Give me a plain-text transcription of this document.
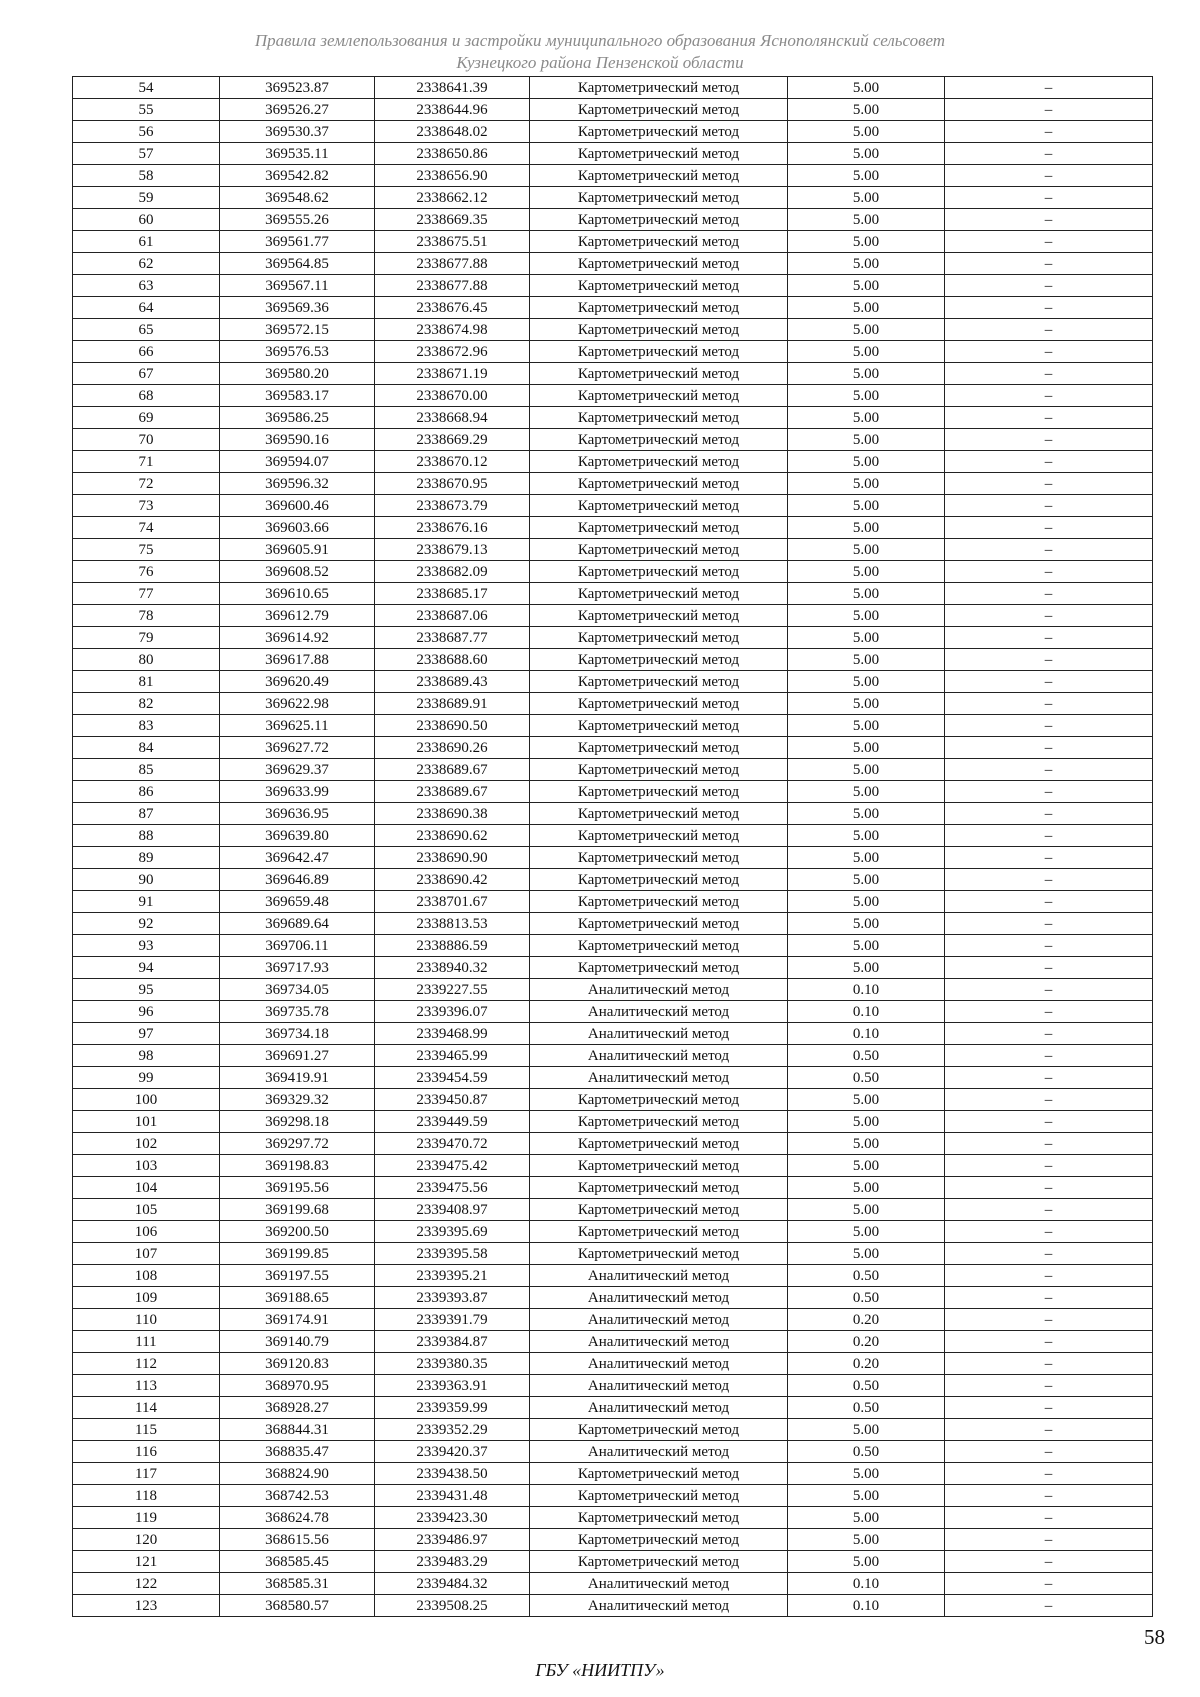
Правила землепользования и застройки муниципального образования Яснополянский сельсовет
Кузнецкого района Пензенской области
54	369523.87	2338641.39	Картометрический метод	5.00	–
55	369526.27	2338644.96	Картометрический метод	5.00	–
56	369530.37	2338648.02	Картометрический метод	5.00	–
57	369535.11	2338650.86	Картометрический метод	5.00	–
58	369542.82	2338656.90	Картометрический метод	5.00	–
59	369548.62	2338662.12	Картометрический метод	5.00	–
60	369555.26	2338669.35	Картометрический метод	5.00	–
61	369561.77	2338675.51	Картометрический метод	5.00	–
62	369564.85	2338677.88	Картометрический метод	5.00	–
63	369567.11	2338677.88	Картометрический метод	5.00	–
64	369569.36	2338676.45	Картометрический метод	5.00	–
65	369572.15	2338674.98	Картометрический метод	5.00	–
66	369576.53	2338672.96	Картометрический метод	5.00	–
67	369580.20	2338671.19	Картометрический метод	5.00	–
68	369583.17	2338670.00	Картометрический метод	5.00	–
69	369586.25	2338668.94	Картометрический метод	5.00	–
70	369590.16	2338669.29	Картометрический метод	5.00	–
71	369594.07	2338670.12	Картометрический метод	5.00	–
72	369596.32	2338670.95	Картометрический метод	5.00	–
73	369600.46	2338673.79	Картометрический метод	5.00	–
74	369603.66	2338676.16	Картометрический метод	5.00	–
75	369605.91	2338679.13	Картометрический метод	5.00	–
76	369608.52	2338682.09	Картометрический метод	5.00	–
77	369610.65	2338685.17	Картометрический метод	5.00	–
78	369612.79	2338687.06	Картометрический метод	5.00	–
79	369614.92	2338687.77	Картометрический метод	5.00	–
80	369617.88	2338688.60	Картометрический метод	5.00	–
81	369620.49	2338689.43	Картометрический метод	5.00	–
82	369622.98	2338689.91	Картометрический метод	5.00	–
83	369625.11	2338690.50	Картометрический метод	5.00	–
84	369627.72	2338690.26	Картометрический метод	5.00	–
85	369629.37	2338689.67	Картометрический метод	5.00	–
86	369633.99	2338689.67	Картометрический метод	5.00	–
87	369636.95	2338690.38	Картометрический метод	5.00	–
88	369639.80	2338690.62	Картометрический метод	5.00	–
89	369642.47	2338690.90	Картометрический метод	5.00	–
90	369646.89	2338690.42	Картометрический метод	5.00	–
91	369659.48	2338701.67	Картометрический метод	5.00	–
92	369689.64	2338813.53	Картометрический метод	5.00	–
93	369706.11	2338886.59	Картометрический метод	5.00	–
94	369717.93	2338940.32	Картометрический метод	5.00	–
95	369734.05	2339227.55	Аналитический метод	0.10	–
96	369735.78	2339396.07	Аналитический метод	0.10	–
97	369734.18	2339468.99	Аналитический метод	0.10	–
98	369691.27	2339465.99	Аналитический метод	0.50	–
99	369419.91	2339454.59	Аналитический метод	0.50	–
100	369329.32	2339450.87	Картометрический метод	5.00	–
101	369298.18	2339449.59	Картометрический метод	5.00	–
102	369297.72	2339470.72	Картометрический метод	5.00	–
103	369198.83	2339475.42	Картометрический метод	5.00	–
104	369195.56	2339475.56	Картометрический метод	5.00	–
105	369199.68	2339408.97	Картометрический метод	5.00	–
106	369200.50	2339395.69	Картометрический метод	5.00	–
107	369199.85	2339395.58	Картометрический метод	5.00	–
108	369197.55	2339395.21	Аналитический метод	0.50	–
109	369188.65	2339393.87	Аналитический метод	0.50	–
110	369174.91	2339391.79	Аналитический метод	0.20	–
111	369140.79	2339384.87	Аналитический метод	0.20	–
112	369120.83	2339380.35	Аналитический метод	0.20	–
113	368970.95	2339363.91	Аналитический метод	0.50	–
114	368928.27	2339359.99	Аналитический метод	0.50	–
115	368844.31	2339352.29	Картометрический метод	5.00	–
116	368835.47	2339420.37	Аналитический метод	0.50	–
117	368824.90	2339438.50	Картометрический метод	5.00	–
118	368742.53	2339431.48	Картометрический метод	5.00	–
119	368624.78	2339423.30	Картометрический метод	5.00	–
120	368615.56	2339486.97	Картометрический метод	5.00	–
121	368585.45	2339483.29	Картометрический метод	5.00	–
122	368585.31	2339484.32	Аналитический метод	0.10	–
123	368580.57	2339508.25	Аналитический метод	0.10	–
58
ГБУ «НИИТПУ»
